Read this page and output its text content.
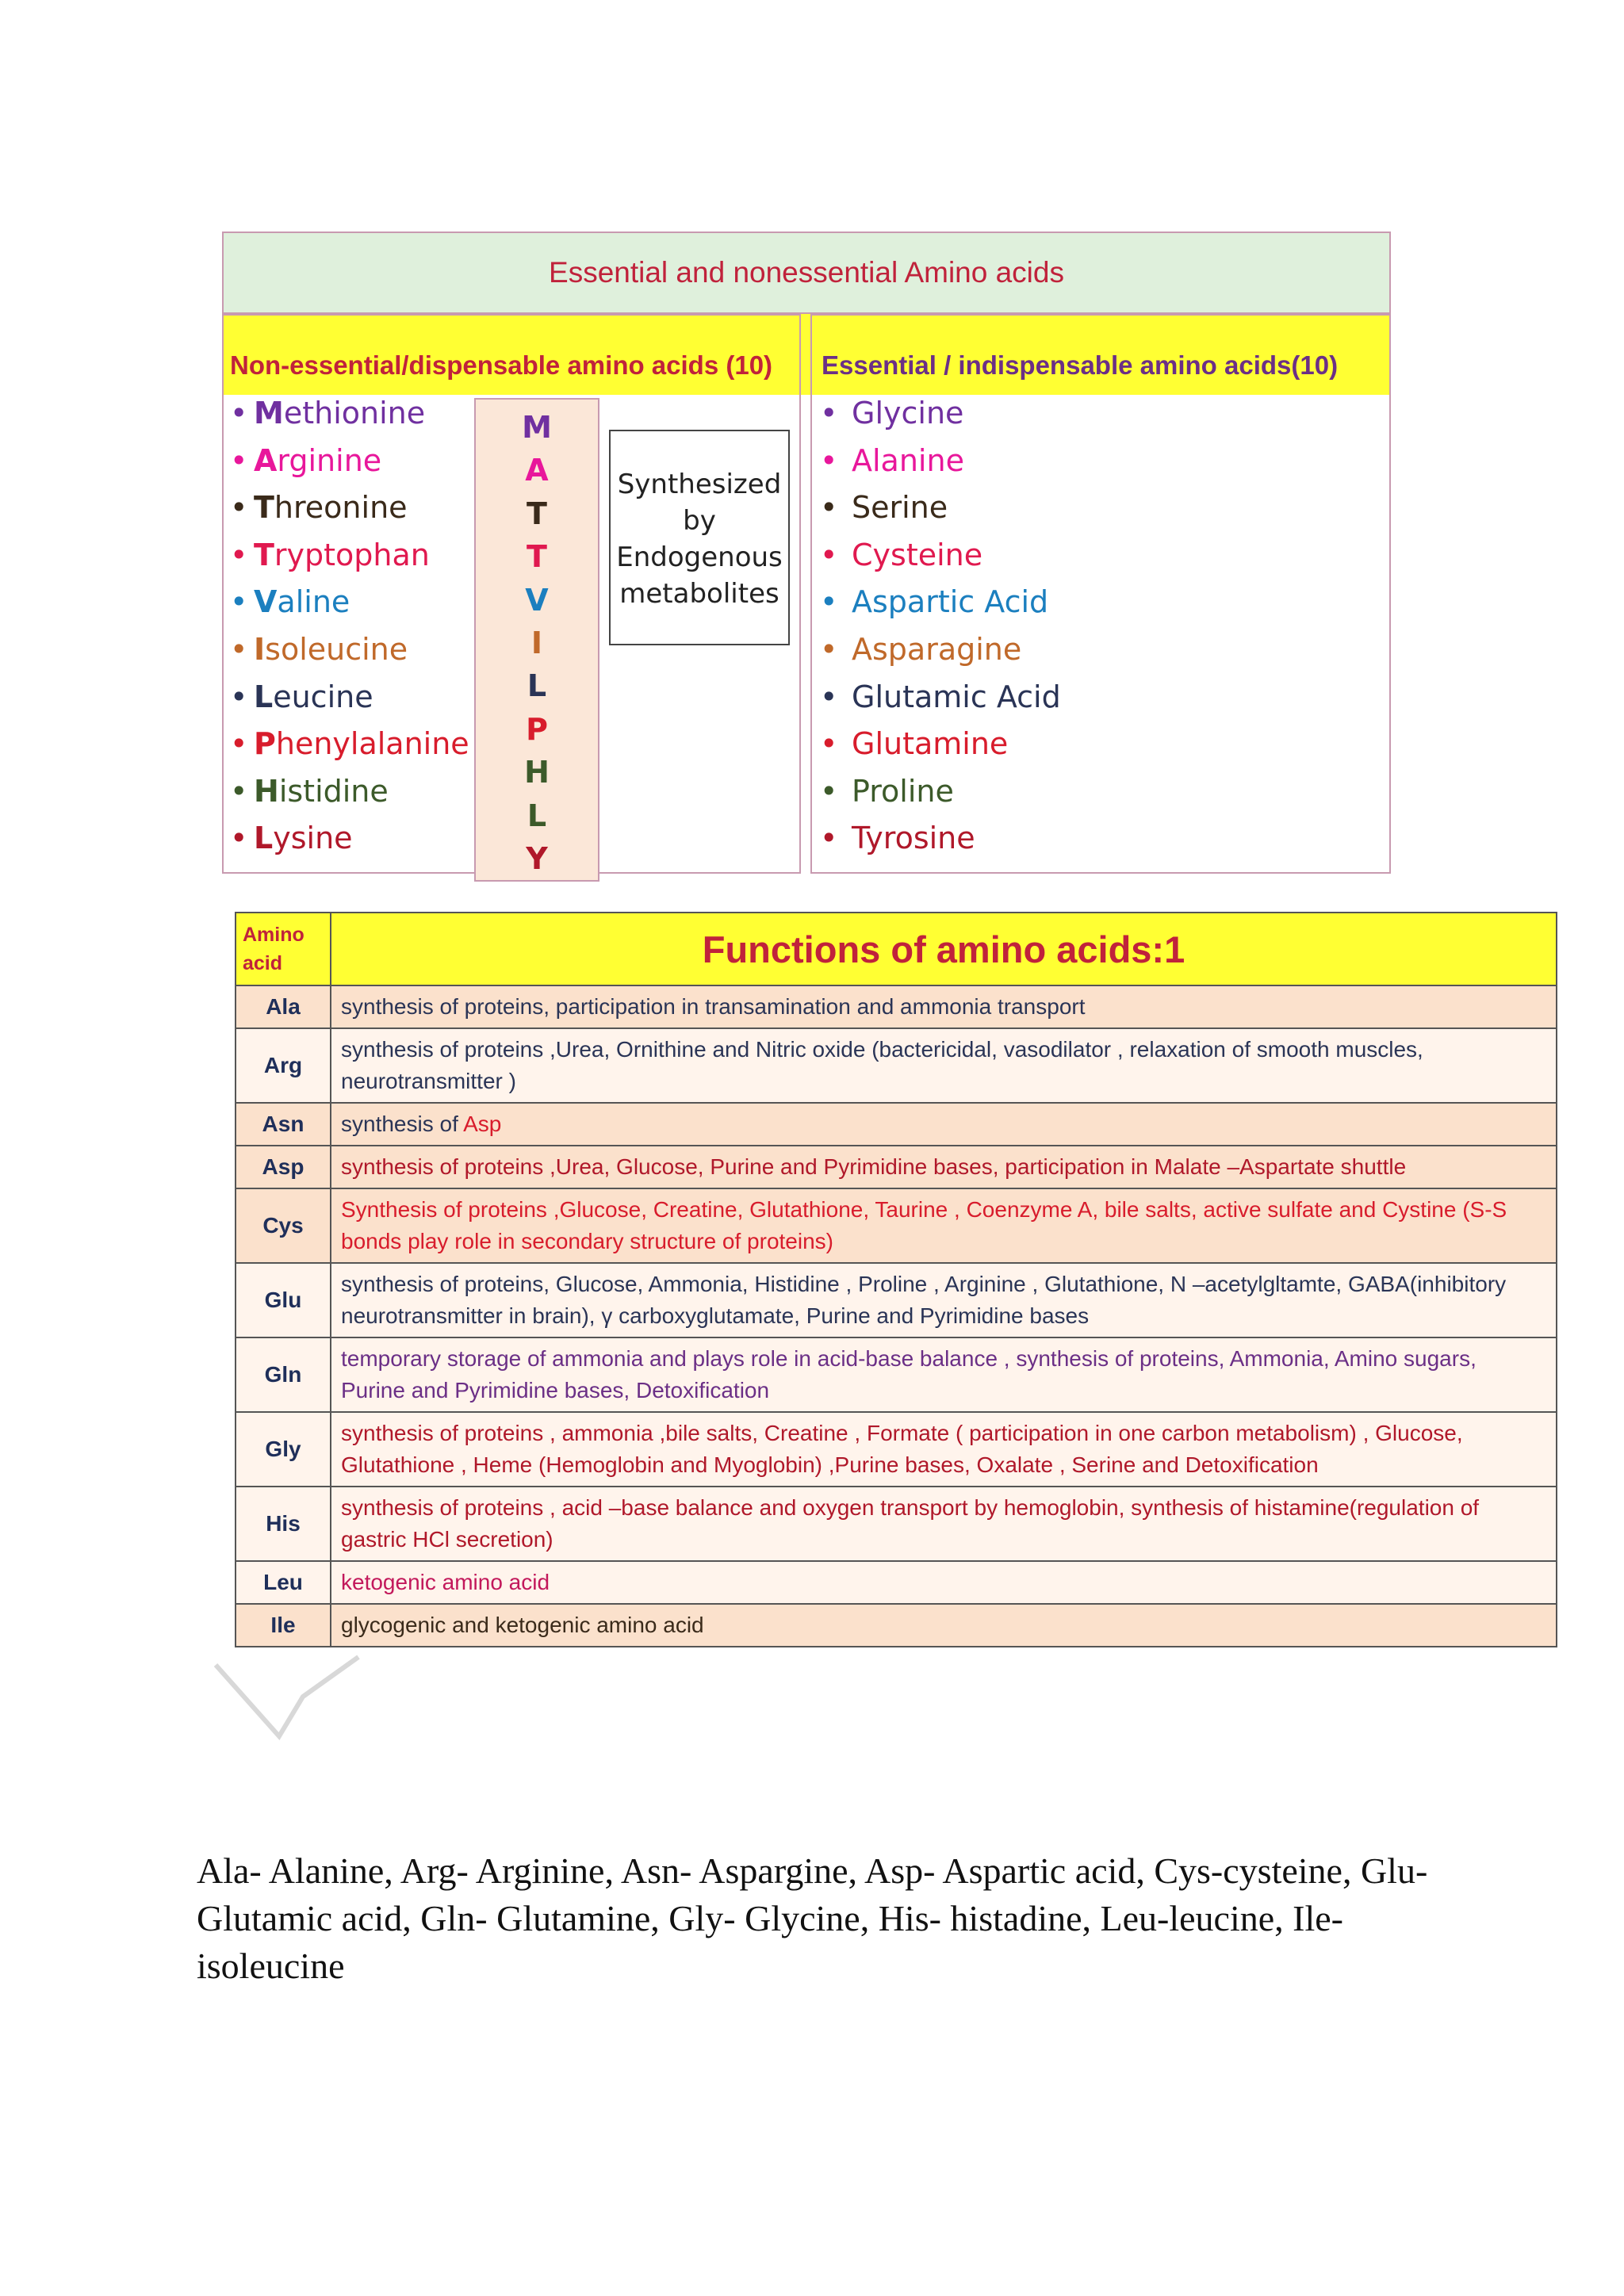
Essential and nonessential Amino acids
Non-essential/dispensable amino acids (10) Essential / indispensable amino acids(10)
• Methionine
• Arginine
• Threonine
• Tryptophan
• Valine
• Isoleucine
• Leucine
• Phenylalanine
• Histidine
• Lysine
M
A
T
T
V
I
L
P
H
L
Y
Synthesized
by
Endogenous
metabolites
• Glycine
• Alanine
• Serine
• Cysteine
• Aspartic Acid
• Asparagine
• Glutamic Acid
• Glutamine
• Proline
• Tyrosine
Amino
acid	Functions of amino acids:1
Ala	synthesis of proteins, participation in transamination and ammonia transport
Arg	synthesis of proteins ,Urea, Ornithine and Nitric oxide (bactericidal, vasodilator , relaxation of smooth muscles, neurotransmitter )
Asn	synthesis of Asp
Asp	synthesis of proteins ,Urea, Glucose, Purine and Pyrimidine bases, participation in Malate –Aspartate shuttle
Cys	Synthesis of proteins ,Glucose, Creatine, Glutathione, Taurine , Coenzyme A, bile salts, active sulfate and Cystine (S-S bonds play role in secondary structure of proteins)
Glu	synthesis of proteins, Glucose, Ammonia, Histidine , Proline , Arginine , Glutathione, N –acetylgltamte, GABA(inhibitory neurotransmitter in brain), γ carboxyglutamate, Purine and Pyrimidine bases
Gln	temporary storage of ammonia and plays role in acid-base balance , synthesis of proteins, Ammonia, Amino sugars, Purine and Pyrimidine bases, Detoxification
Gly	synthesis of proteins , ammonia ,bile salts, Creatine , Formate ( participation in one carbon metabolism) , Glucose, Glutathione , Heme (Hemoglobin and Myoglobin) ,Purine bases, Oxalate , Serine and Detoxification
His	synthesis of proteins , acid –base balance and oxygen transport by hemoglobin, synthesis of histamine(regulation of gastric HCl secretion)
Leu	ketogenic amino acid
Ile	glycogenic and ketogenic amino acid

Ala- Alanine, Arg- Arginine, Asn- Aspargine, Asp- Aspartic acid, Cys-cysteine, Glu- Glutamic acid, Gln- Glutamine, Gly- Glycine, His- histadine, Leu-leucine, Ile- isoleucine
